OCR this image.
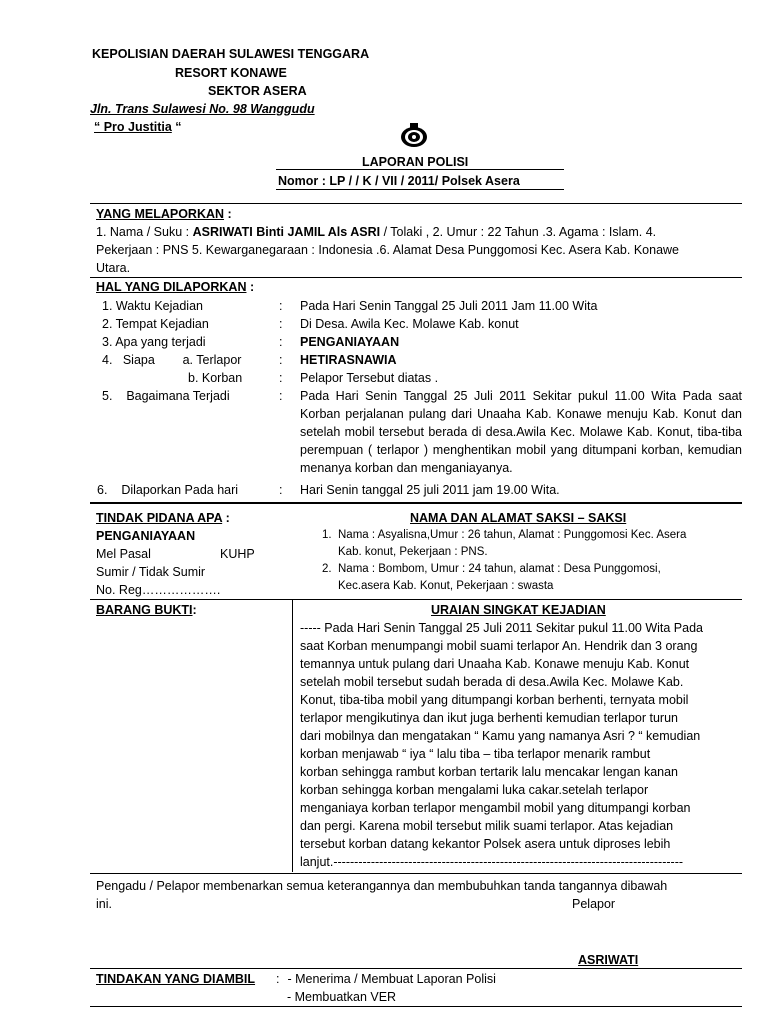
KEPOLISIAN DAERAH SULAWESI TENGGARA
RESORT KONAWE
SEKTOR ASERA
Jln. Trans Sulawesi No. 98 Wanggudu
“ Pro Justitia “
LAPORAN POLISI
Nomor : LP / / K / VII / 2011/ Polsek Asera
YANG MELAPORKAN :
1. Nama / Suku : ASRIWATI Binti JAMIL Als ASRI / Tolaki , 2. Umur : 22 Tahun .3. Agama : Islam. 4.
Pekerjaan : PNS 5. Kewarganegaraan : Indonesia .6. Alamat Desa Punggomosi Kec. Asera Kab. Konawe
Utara.
HAL YANG DILAPORKAN :
1. Waktu Kejadian	: Pada Hari Senin Tanggal 25 Juli 2011 Jam 11.00 Wita
2. Tempat Kejadian	: Di Desa. Awila Kec. Molawe Kab. konut
3. Apa yang terjadi	: PENGANIAYAAN
4.   Siapa        a. Terlapor	: HETIRASNAWIA
b. Korban	: Pelapor Tersebut diatas .
5.    Bagaimana Terjadi	: Pada Hari Senin Tanggal 25 Juli 2011 Sekitar pukul 11.00 Wita Pada saat Korban perjalanan pulang dari Unaaha Kab. Konawe menuju Kab. Konut dan setelah mobil tersebut berada di desa.Awila Kec. Molawe Kab. Konut, tiba-tiba perempuan ( terlapor ) menghentikan mobil yang ditumpani korban, kemudian menanya korban dan menganiayanya.
6.    Dilaporkan Pada hari	: Hari Senin tanggal 25 juli 2011 jam 19.00 Wita.
TINDAK PIDANA APA :
PENGANIAYAAN
Mel Pasal	KUHP
Sumir / Tidak Sumir
No. Reg……………….
NAMA DAN ALAMAT SAKSI – SAKSI
1. Nama : Asyalisna,Umur : 26 tahun, Alamat : Punggomosi Kec. Asera
Kab. konut, Pekerjaan : PNS.
2. Nama : Bombom, Umur : 24 tahun, alamat : Desa Punggomosi,
Kec.asera Kab. Konut, Pekerjaan : swasta
BARANG BUKTI:	URAIAN SINGKAT KEJADIAN
----- Pada Hari Senin Tanggal 25 Juli 2011 Sekitar pukul 11.00 Wita Pada
saat Korban menumpangi mobil suami terlapor An. Hendrik dan 3 orang
temannya untuk pulang dari Unaaha Kab. Konawe menuju Kab. Konut
setelah mobil tersebut sudah berada di desa.Awila Kec. Molawe Kab.
Konut, tiba-tiba mobil yang ditumpangi korban berhenti, ternyata mobil
terlapor mengikutinya dan ikut juga berhenti kemudian terlapor turun
dari mobilnya dan mengatakan “ Kamu yang namanya Asri ? “ kemudian
korban menjawab “ iya “ lalu tiba – tiba terlapor menarik rambut
korban sehingga rambut korban tertarik lalu mencakar lengan kanan
korban sehingga korban mengalami luka cakar.setelah terlapor
menganiaya korban terlapor mengambil mobil yang ditumpangi korban
dan pergi. Karena mobil tersebut milik suami terlapor. Atas kejadian
tersebut korban datang kekantor Polsek asera untuk diproses lebih
lanjut.------------------------------------------------------------------------------------
Pengadu / Pelapor membenarkan semua keterangannya dan membubuhkan tanda tangannya dibawah
ini.	Pelapor
ASRIWATI
TINDAKAN YANG DIAMBIL : - Menerima / Membuat Laporan Polisi
- Membuatkan VER
